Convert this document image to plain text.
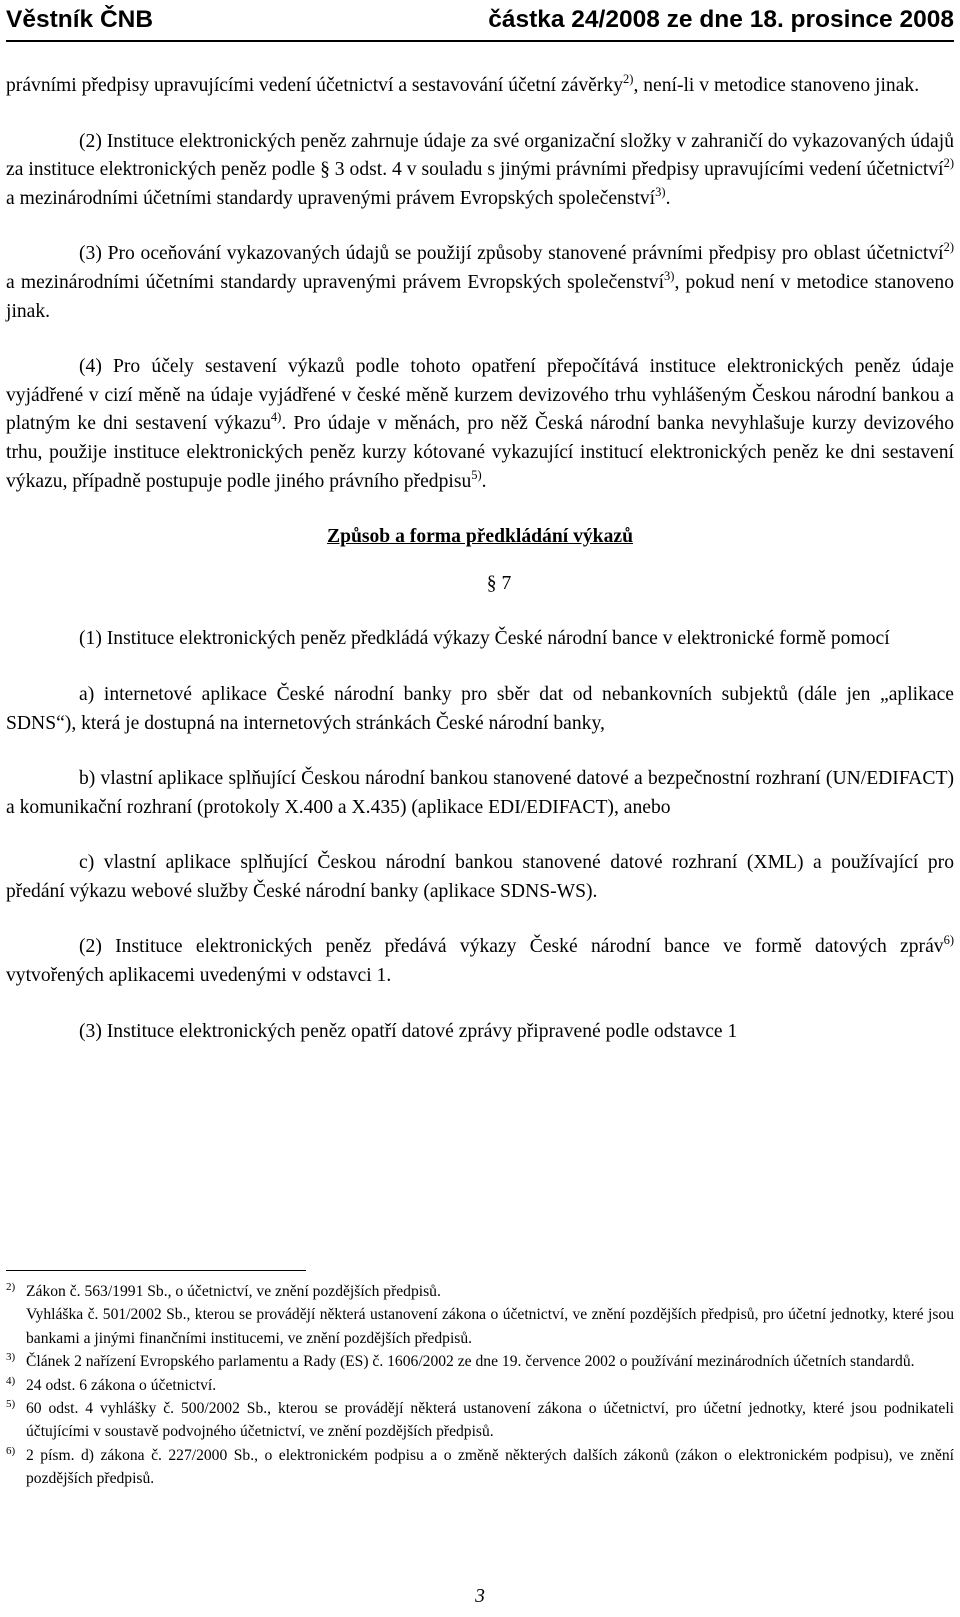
Věstník ČNB	částka 24/2008 ze dne 18. prosince 2008

právními předpisy upravujícími vedení účetnictví a sestavování účetní závěrky$^{2)}$, není-li v metodice stanoveno jinak.

(2) Instituce elektronických peněz zahrnuje údaje za své organizační složky v zahraničí do vykazovaných údajů za instituce elektronických peněz podle § 3 odst. 4 v souladu s jinými právními předpisy upravujícími vedení účetnictví$^{2)}$ a mezinárodními účetními standardy upravenými právem Evropských společenství$^{3)}$.

(3) Pro oceňování vykazovaných údajů se použijí způsoby stanovené právními předpisy pro oblast účetnictví$^{2)}$ a mezinárodními účetními standardy upravenými právem Evropských společenství$^{3)}$, pokud není v metodice stanoveno jinak.

(4) Pro účely sestavení výkazů podle tohoto opatření přepočítává instituce elektronických peněz údaje vyjádřené v cizí měně na údaje vyjádřené v české měně kurzem devizového trhu vyhlášeným Českou národní bankou a platným ke dni sestavení výkazu$^{4)}$. Pro údaje v měnách, pro něž Česká národní banka nevyhlašuje kurzy devizového trhu, použije instituce elektronických peněz kurzy kótované vykazující institucí elektronických peněz ke dni sestavení výkazu, případně postupuje podle jiného právního předpisu$^{5)}$.

Způsob a forma předkládání výkazů

§ 7

(1) Instituce elektronických peněz předkládá výkazy České národní bance v elektronické formě pomocí

a) internetové aplikace České národní banky pro sběr dat od nebankovních subjektů (dále jen „aplikace SDNS“), která je dostupná na internetových stránkách České národní banky,

b) vlastní aplikace splňující Českou národní bankou stanovené datové a bezpečnostní rozhraní (UN/EDIFACT) a komunikační rozhraní (protokoly X.400 a X.435) (aplikace EDI/EDIFACT), anebo

c) vlastní aplikace splňující Českou národní bankou stanovené datové rozhraní (XML) a používající pro předání výkazu webové služby České národní banky (aplikace SDNS-WS).

(2) Instituce elektronických peněz předává výkazy České národní bance ve formě datových zpráv$^{6)}$ vytvořených aplikacemi uvedenými v odstavci 1.

(3) Instituce elektronických peněz opatří datové zprávy připravené podle odstavce 1

2) Zákon č. 563/1991 Sb., o účetnictví, ve znění pozdějších předpisů.

Vyhláška č. 501/2002 Sb., kterou se provádějí některá ustanovení zákona o účetnictví, ve znění pozdějších předpisů, pro účetní jednotky, které jsou bankami a jinými finančními institucemi, ve znění pozdějších předpisů.

3) Článek 2 nařízení Evropského parlamentu a Rady (ES) č. 1606/2002 ze dne 19. července 2002 o používání mezinárodních účetních standardů.

4) 24 odst. 6 zákona o účetnictví.

5) 60 odst. 4 vyhlášky č. 500/2002 Sb., kterou se provádějí některá ustanovení zákona o účetnictví, pro účetní jednotky, které jsou podnikateli účtujícími v soustavě podvojného účetnictví, ve znění pozdějších předpisů.

6) 2 písm. d) zákona č. 227/2000 Sb., o elektronickém podpisu a o změně některých dalších zákonů (zákon o elektronickém podpisu), ve znění pozdějších předpisů.

3
